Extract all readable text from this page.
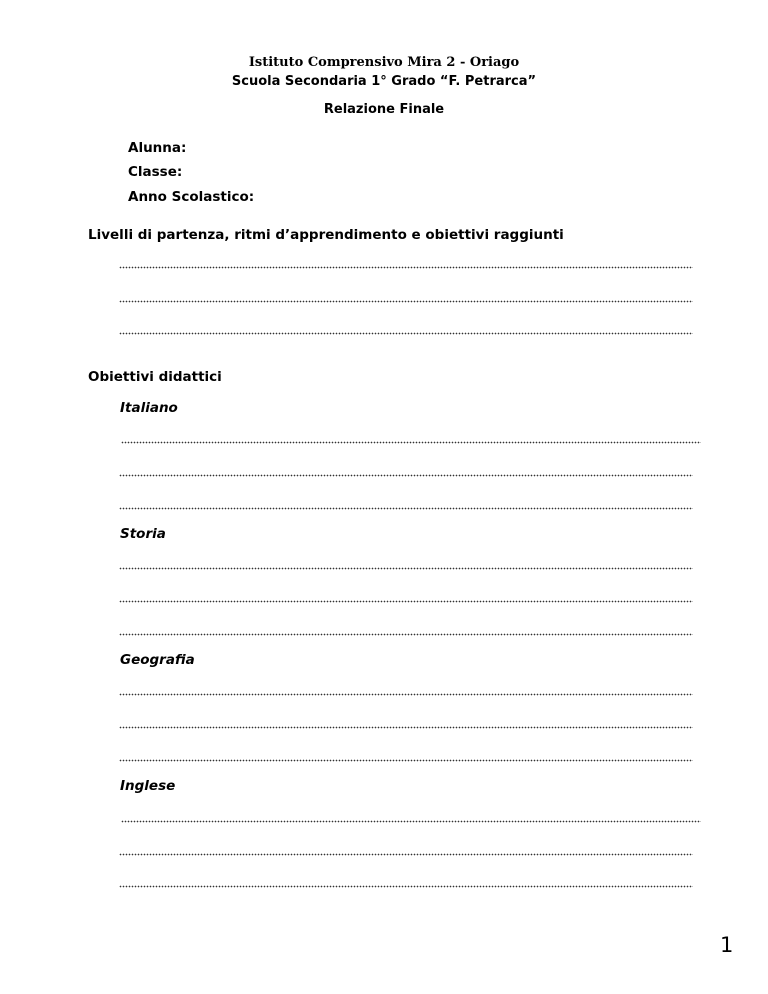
Istituto Comprensivo Mira 2 - Oriago
Scuola Secondaria 1° Grado “F. Petrarca”
Relazione Finale
Alunna:
Classe:
Anno Scolastico:
Livelli di partenza, ritmi d’apprendimento e obiettivi raggiunti
Obiettivi didattici
Italiano
Storia
Geografia
Inglese
1
